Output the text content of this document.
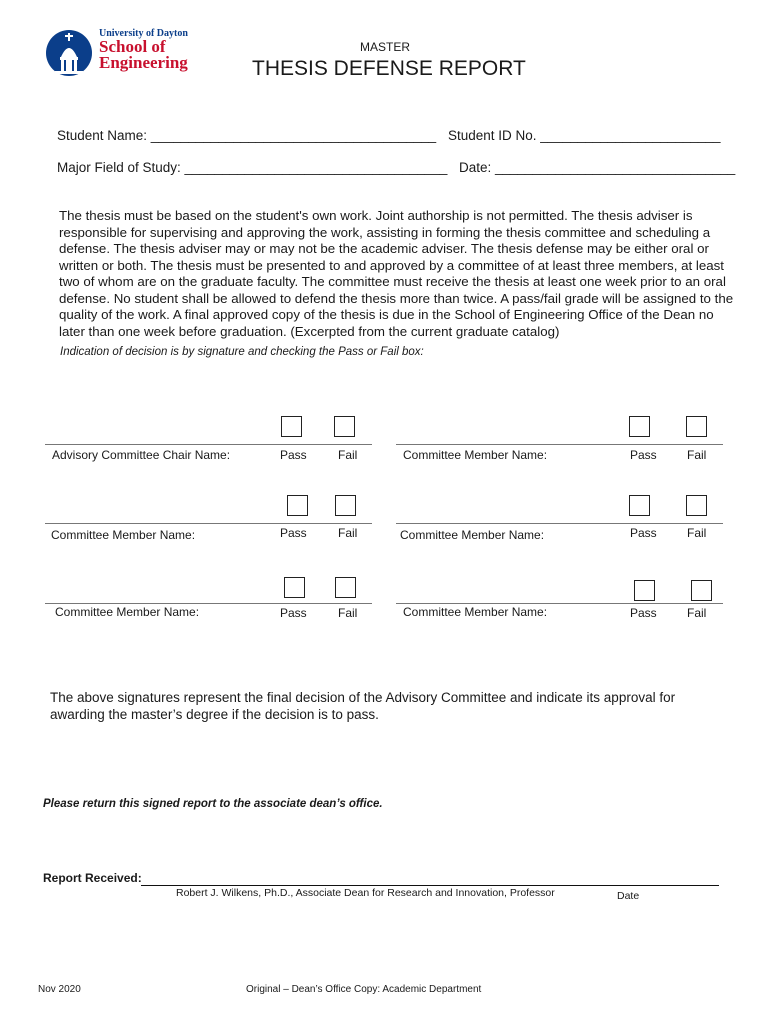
University of Dayton
School of
Engineering
MASTER
THESIS DEFENSE REPORT
Student Name: ______________________________________ Student ID No. ________________________
Major Field of Study: ___________________________________ Date: ________________________________
The thesis must be based on the student's own work. Joint authorship is not permitted. The thesis adviser is responsible for supervising and approving the work, assisting in forming the thesis committee and scheduling a defense. The thesis adviser may or may not be the academic adviser. The thesis defense may be either oral or written or both. The thesis must be presented to and approved by a committee of at least three members, at least two of whom are on the graduate faculty. The committee must receive the thesis at least one week prior to an oral defense. No student shall be allowed to defend the thesis more than twice. A pass/fail grade will be assigned to the quality of the work. A final approved copy of the thesis is due in the School of Engineering Office of the Dean no later than one week before graduation. (Excerpted from the current graduate catalog)
Indication of decision is by signature and checking the Pass or Fail box:
Advisory Committee Chair Name:	Pass	Fail	Committee Member Name:	Pass	Fail
Committee Member Name:	Pass	Fail	Committee Member Name:	Pass	Fail
Committee Member Name:	Pass	Fail	Committee Member Name:	Pass	Fail
The above signatures represent the final decision of the Advisory Committee and indicate its approval for awarding the master’s degree if the decision is to pass.
Please return this signed report to the associate dean’s office.
Report Received:
Robert J. Wilkens, Ph.D., Associate Dean for Research and Innovation, Professor	Date
Nov 2020	Original – Dean’s Office Copy: Academic Department
